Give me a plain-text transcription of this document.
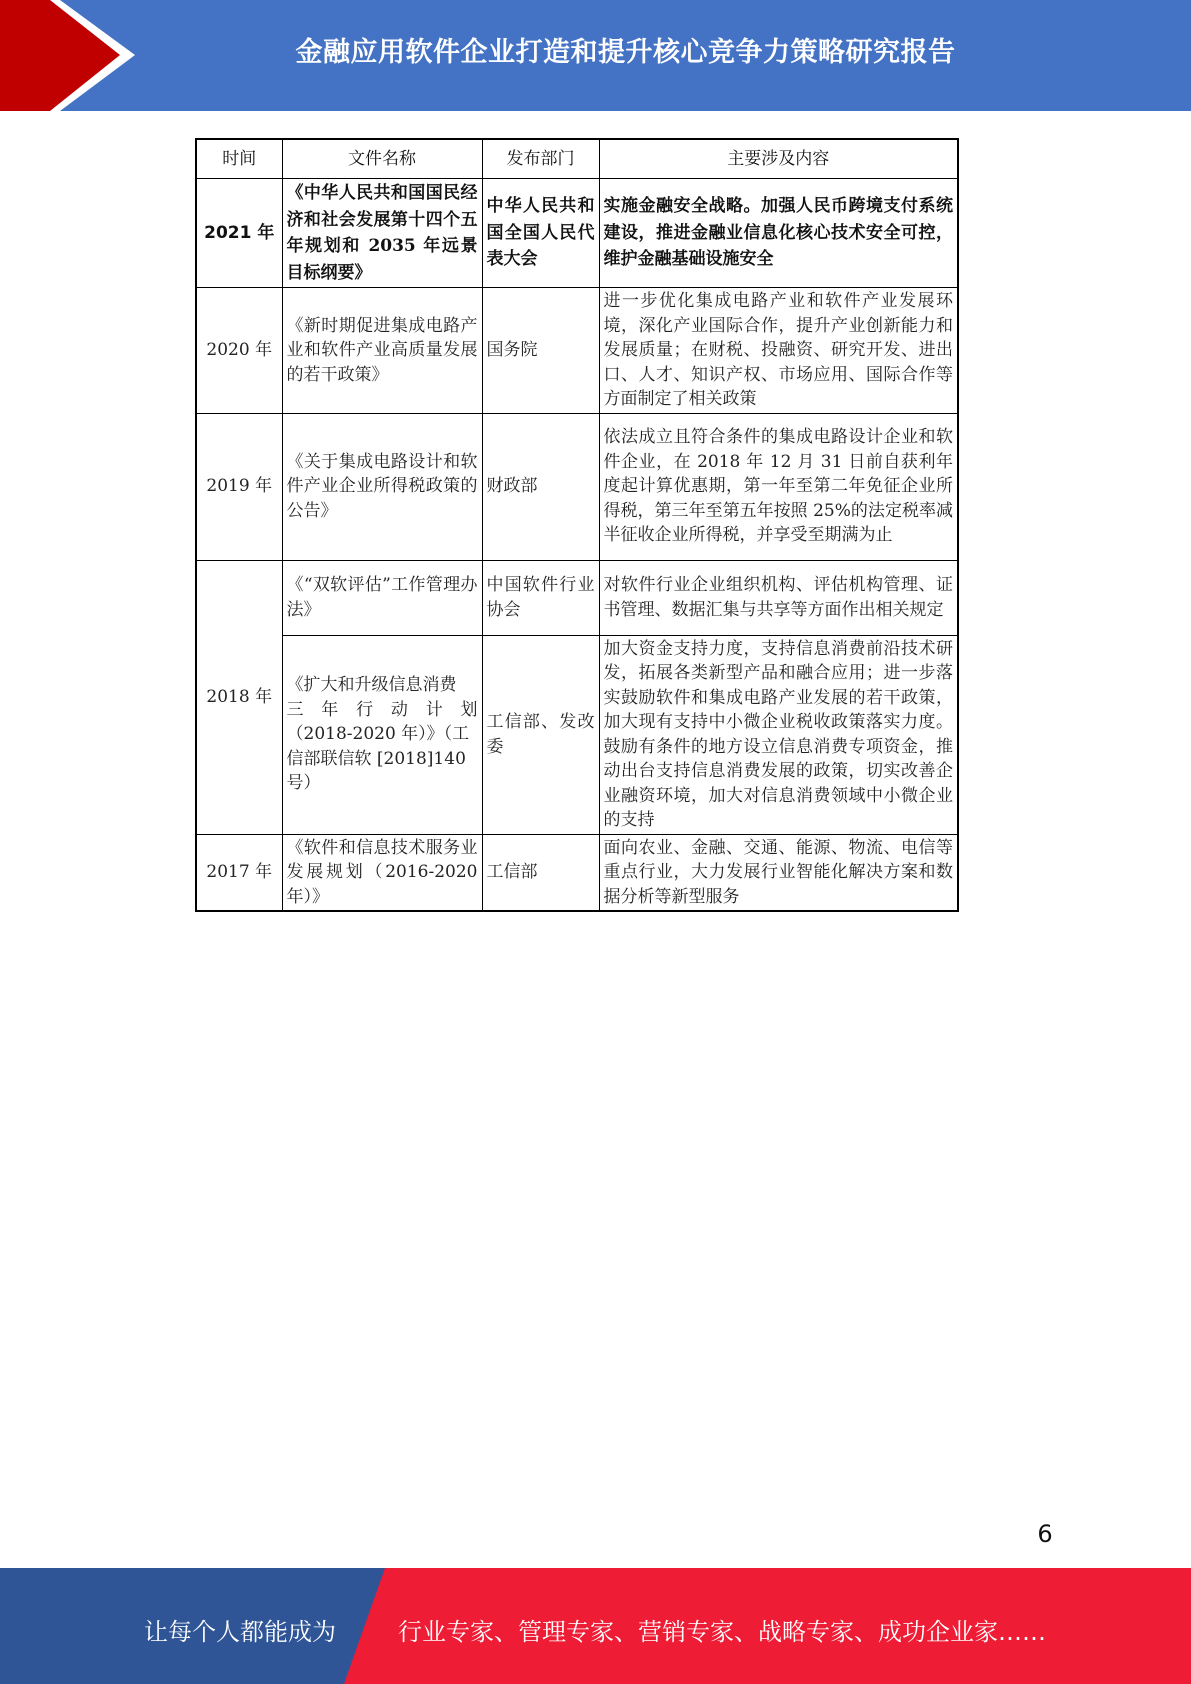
金融应用软件企业打造和提升核心竞争力策略研究报告
时间	文件名称	发布部门	主要涉及内容
2021 年	《中华人民共和国国民经济和社会发展第十四个五年规划和 2035 年远景目标纲要》	中华人民共和国全国人民代表大会	实施金融安全战略。加强人民币跨境支付系统建设，推进金融业信息化核心技术安全可控，维护金融基础设施安全
2020 年	《新时期促进集成电路产业和软件产业高质量发展的若干政策》	国务院	进一步优化集成电路产业和软件产业发展环境，深化产业国际合作，提升产业创新能力和发展质量；在财税、投融资、研究开发、进出口、人才、知识产权、市场应用、国际合作等方面制定了相关政策
2019 年	《关于集成电路设计和软件产业企业所得税政策的公告》	财政部	依法成立且符合条件的集成电路设计企业和软件企业，在 2018 年 12 月 31 日前自获利年度起计算优惠期，第一年至第二年免征企业所得税，第三年至第五年按照 25%的法定税率减半征收企业所得税，并享受至期满为止
2018 年	《“双软评估”工作管理办法》	中国软件行业协会	对软件行业企业组织机构、评估机构管理、证书管理、数据汇集与共享等方面作出相关规定
	《扩大和升级信息消费
三年行动计划
（2018-2020 年）》（工信部联信软 [2018]140 号）	工信部、发改委	加大资金支持力度，支持信息消费前沿技术研发，拓展各类新型产品和融合应用；进一步落实鼓励软件和集成电路产业发展的若干政策，加大现有支持中小微企业税收政策落实力度。鼓励有条件的地方设立信息消费专项资金，推动出台支持信息消费发展的政策，切实改善企业融资环境，加大对信息消费领域中小微企业的支持
2017 年	《软件和信息技术服务业发展规划（2016-2020 年）》	工信部	面向农业、金融、交通、能源、物流、电信等重点行业，大力发展行业智能化解决方案和数据分析等新型服务
6
让每个人都能成为	行业专家、管理专家、营销专家、战略专家、成功企业家……
